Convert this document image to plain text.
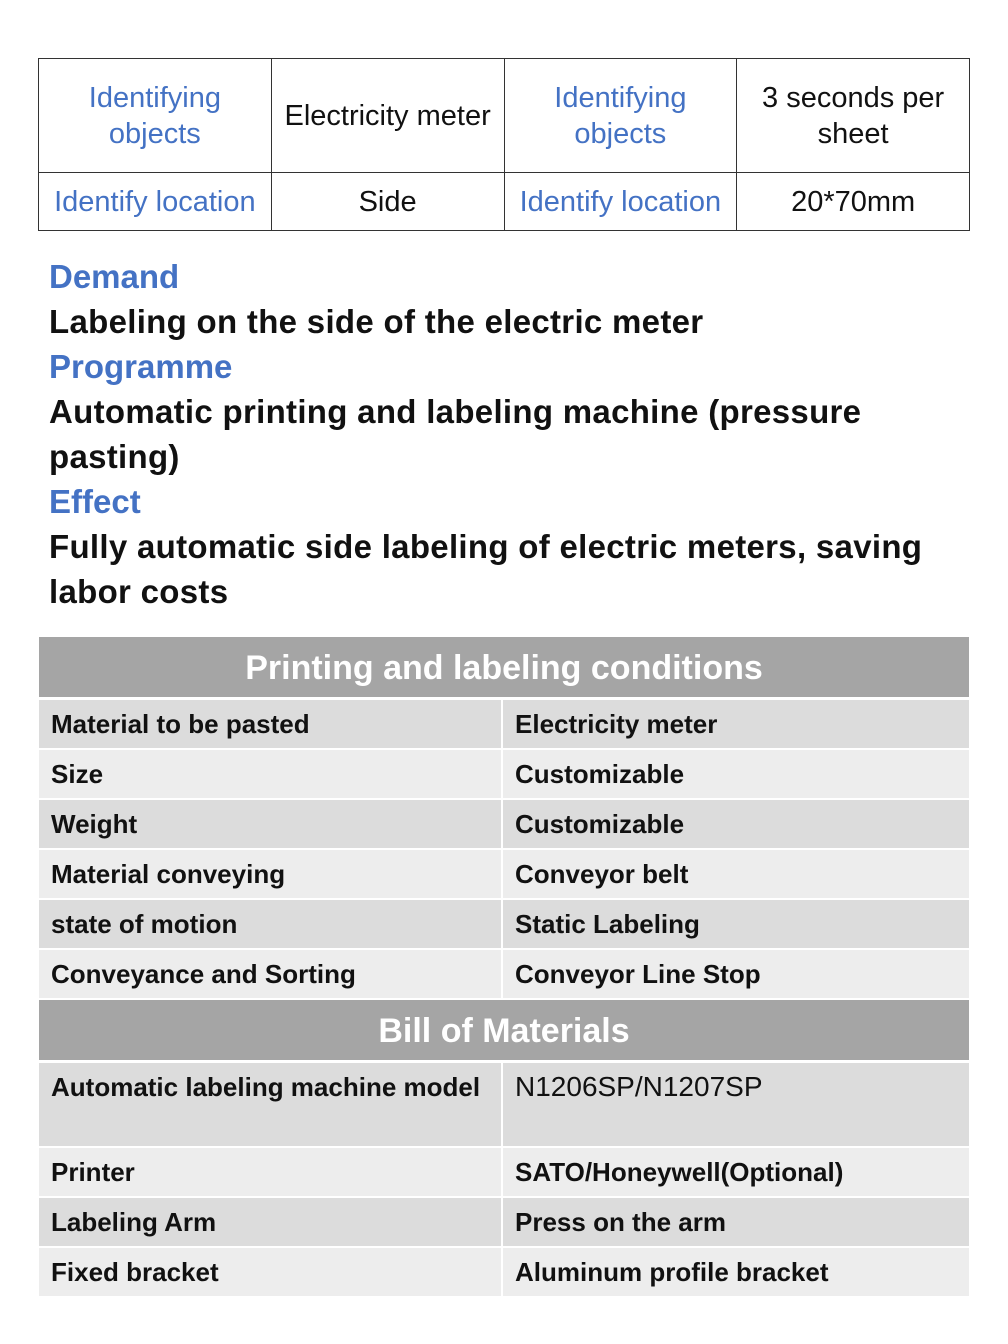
Identifying objects	Electricity meter	Identifying objects	3 seconds per sheet
Identify location	Side	Identify location	20*70mm
Demand
Labeling on the side of the electric meter
Programme
Automatic printing and labeling machine (pressure pasting)
Effect
Fully automatic side labeling of electric meters, saving labor costs
Printing and labeling conditions
Material to be pasted	Electricity meter
Size	Customizable
Weight	Customizable
Material conveying	Conveyor belt
state of motion	Static Labeling
Conveyance and Sorting	Conveyor Line Stop
Bill of Materials
Automatic labeling machine model	N1206SP/N1207SP
Printer	SATO/Honeywell(Optional)
Labeling Arm	Press on the arm
Fixed bracket	Aluminum profile bracket
